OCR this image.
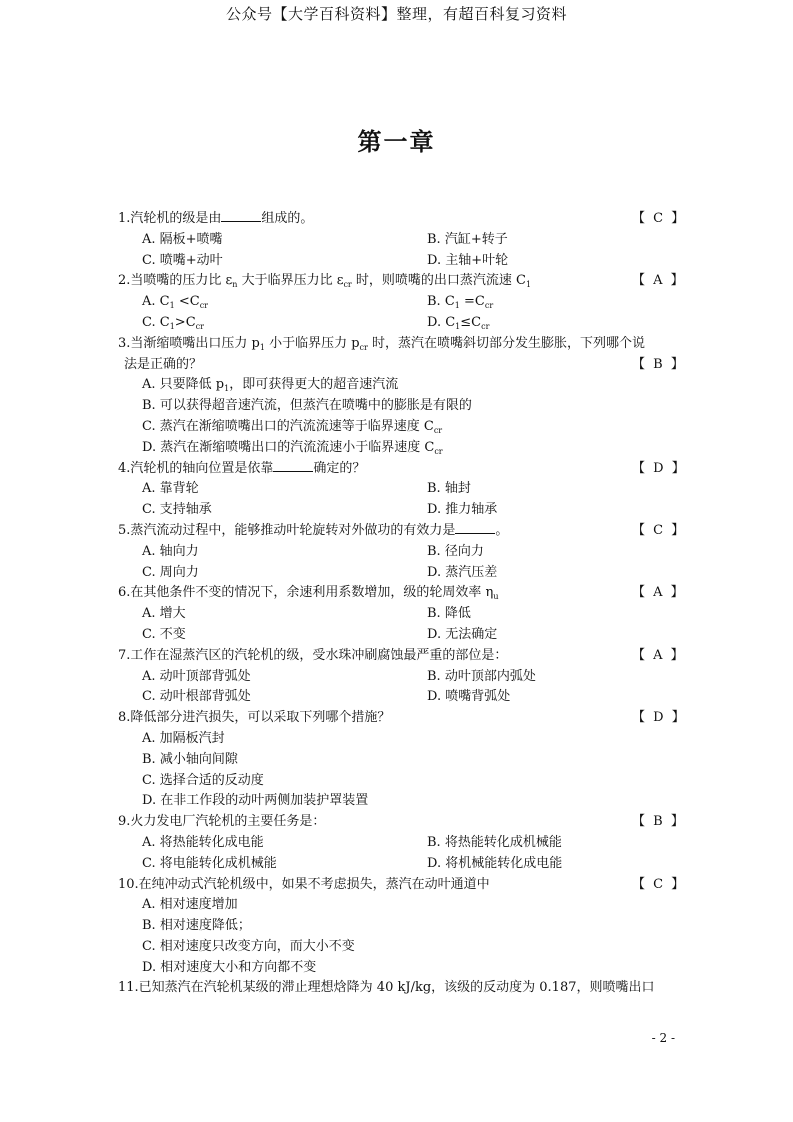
公众号【大学百科资料】整理，有超百科复习资料
第一章
1.汽轮机的级是由	组成的。	【 C 】
A. 隔板+喷嘴	B. 汽缸+转子
C. 喷嘴+动叶	D. 主轴+叶轮
2.当喷嘴的压力比 $\varepsilon_n$ 大于临界压力比 $\varepsilon_{cr}$ 时，则喷嘴的出口蒸汽流速 $C_1$	【 A 】
A. $C_1 <C_{cr}$	B. $C_1 =C_{cr}$
C. $C_1>C_{cr}$	D. $C_1\le C_{cr}$
3.当渐缩喷嘴出口压力 $p_1$ 小于临界压力 $p_{cr}$ 时，蒸汽在喷嘴斜切部分发生膨胀，下列哪个说
法是正确的？	【 B 】
A. 只要降低 $p_1$，即可获得更大的超音速汽流
B. 可以获得超音速汽流，但蒸汽在喷嘴中的膨胀是有限的
C. 蒸汽在渐缩喷嘴出口的汽流流速等于临界速度 $C_{cr}$
D. 蒸汽在渐缩喷嘴出口的汽流流速小于临界速度 $C_{cr}$
4.汽轮机的轴向位置是依靠	确定的？	【 D 】
A. 靠背轮	B. 轴封
C. 支持轴承	D. 推力轴承
5.蒸汽流动过程中，能够推动叶轮旋转对外做功的有效力是	。	【 C 】
A. 轴向力	B. 径向力
C. 周向力	D. 蒸汽压差
6.在其他条件不变的情况下，余速利用系数增加，级的轮周效率 $\eta_u$	【 A 】
A. 增大	B. 降低
C. 不变	D. 无法确定
7.工作在湿蒸汽区的汽轮机的级，受水珠冲刷腐蚀最严重的部位是：	【 A 】
A. 动叶顶部背弧处	B. 动叶顶部内弧处
C. 动叶根部背弧处	D. 喷嘴背弧处
8.降低部分进汽损失，可以采取下列哪个措施？	【 D 】
A. 加隔板汽封
B. 减小轴向间隙
C. 选择合适的反动度
D. 在非工作段的动叶两侧加装护罩装置
9.火力发电厂汽轮机的主要任务是：	【 B 】
A. 将热能转化成电能	B. 将热能转化成机械能
C. 将电能转化成机械能	D. 将机械能转化成电能
10.在纯冲动式汽轮机级中，如果不考虑损失，蒸汽在动叶通道中	【 C 】
A. 相对速度增加
B. 相对速度降低；
C. 相对速度只改变方向，而大小不变
D. 相对速度大小和方向都不变
11.已知蒸汽在汽轮机某级的滞止理想焓降为 40 kJ/kg，该级的反动度为 0.187，则喷嘴出口
- 2 -
